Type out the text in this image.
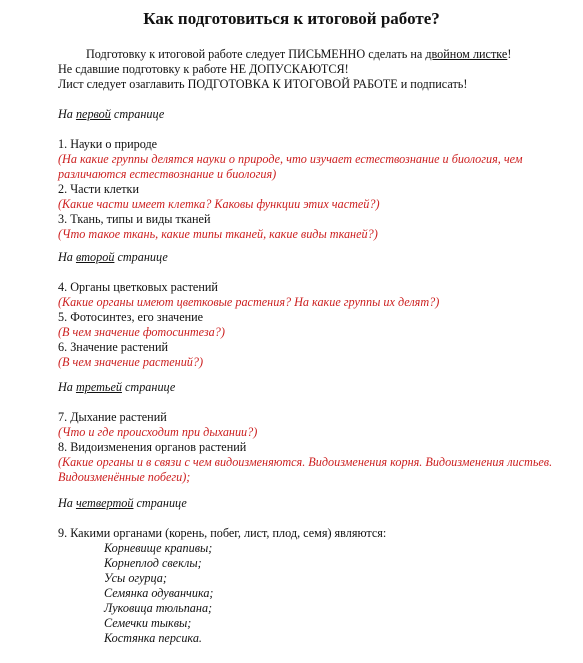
Как подготовиться к итоговой работе?

Подготовку к итоговой работе следует ПИСЬМЕННО сделать на двойном листке!

Не сдавшие подготовку к работе НЕ ДОПУСКАЮТСЯ!

Лист следует озаглавить ПОДГОТОВКА К ИТОГОВОЙ РАБОТЕ и подписать!

На первой странице

1. Науки о природе

(На какие группы делятся науки о природе, что изучает естествознание и биология, чем различаются естествознание и биология)

2. Части клетки

(Какие части имеет клетка? Каковы функции этих частей?)

3. Ткань, типы и виды тканей

(Что такое ткань, какие типы тканей, какие виды тканей?)

На второй странице

4. Органы цветковых растений

(Какие органы имеют цветковые растения? На какие группы их делят?)

5. Фотосинтез, его значение

(В чем значение фотосинтеза?)

6. Значение растений

(В чем значение растений?)

На третьей странице

7. Дыхание растений

(Что и где происходит при дыхании?)

8. Видоизменения органов растений

(Какие органы и в связи с чем видоизменяются. Видоизменения корня. Видоизменения листьев. Видоизменённые побеги);

На четвертой странице

9. Какими органами (корень, побег, лист, плод, семя) являются:

Корневище крапивы;
Корнеплод свеклы;
Усы огурца;
Семянка одуванчика;
Луковица тюльпана;
Семечки тыквы;
Костянка персика.
